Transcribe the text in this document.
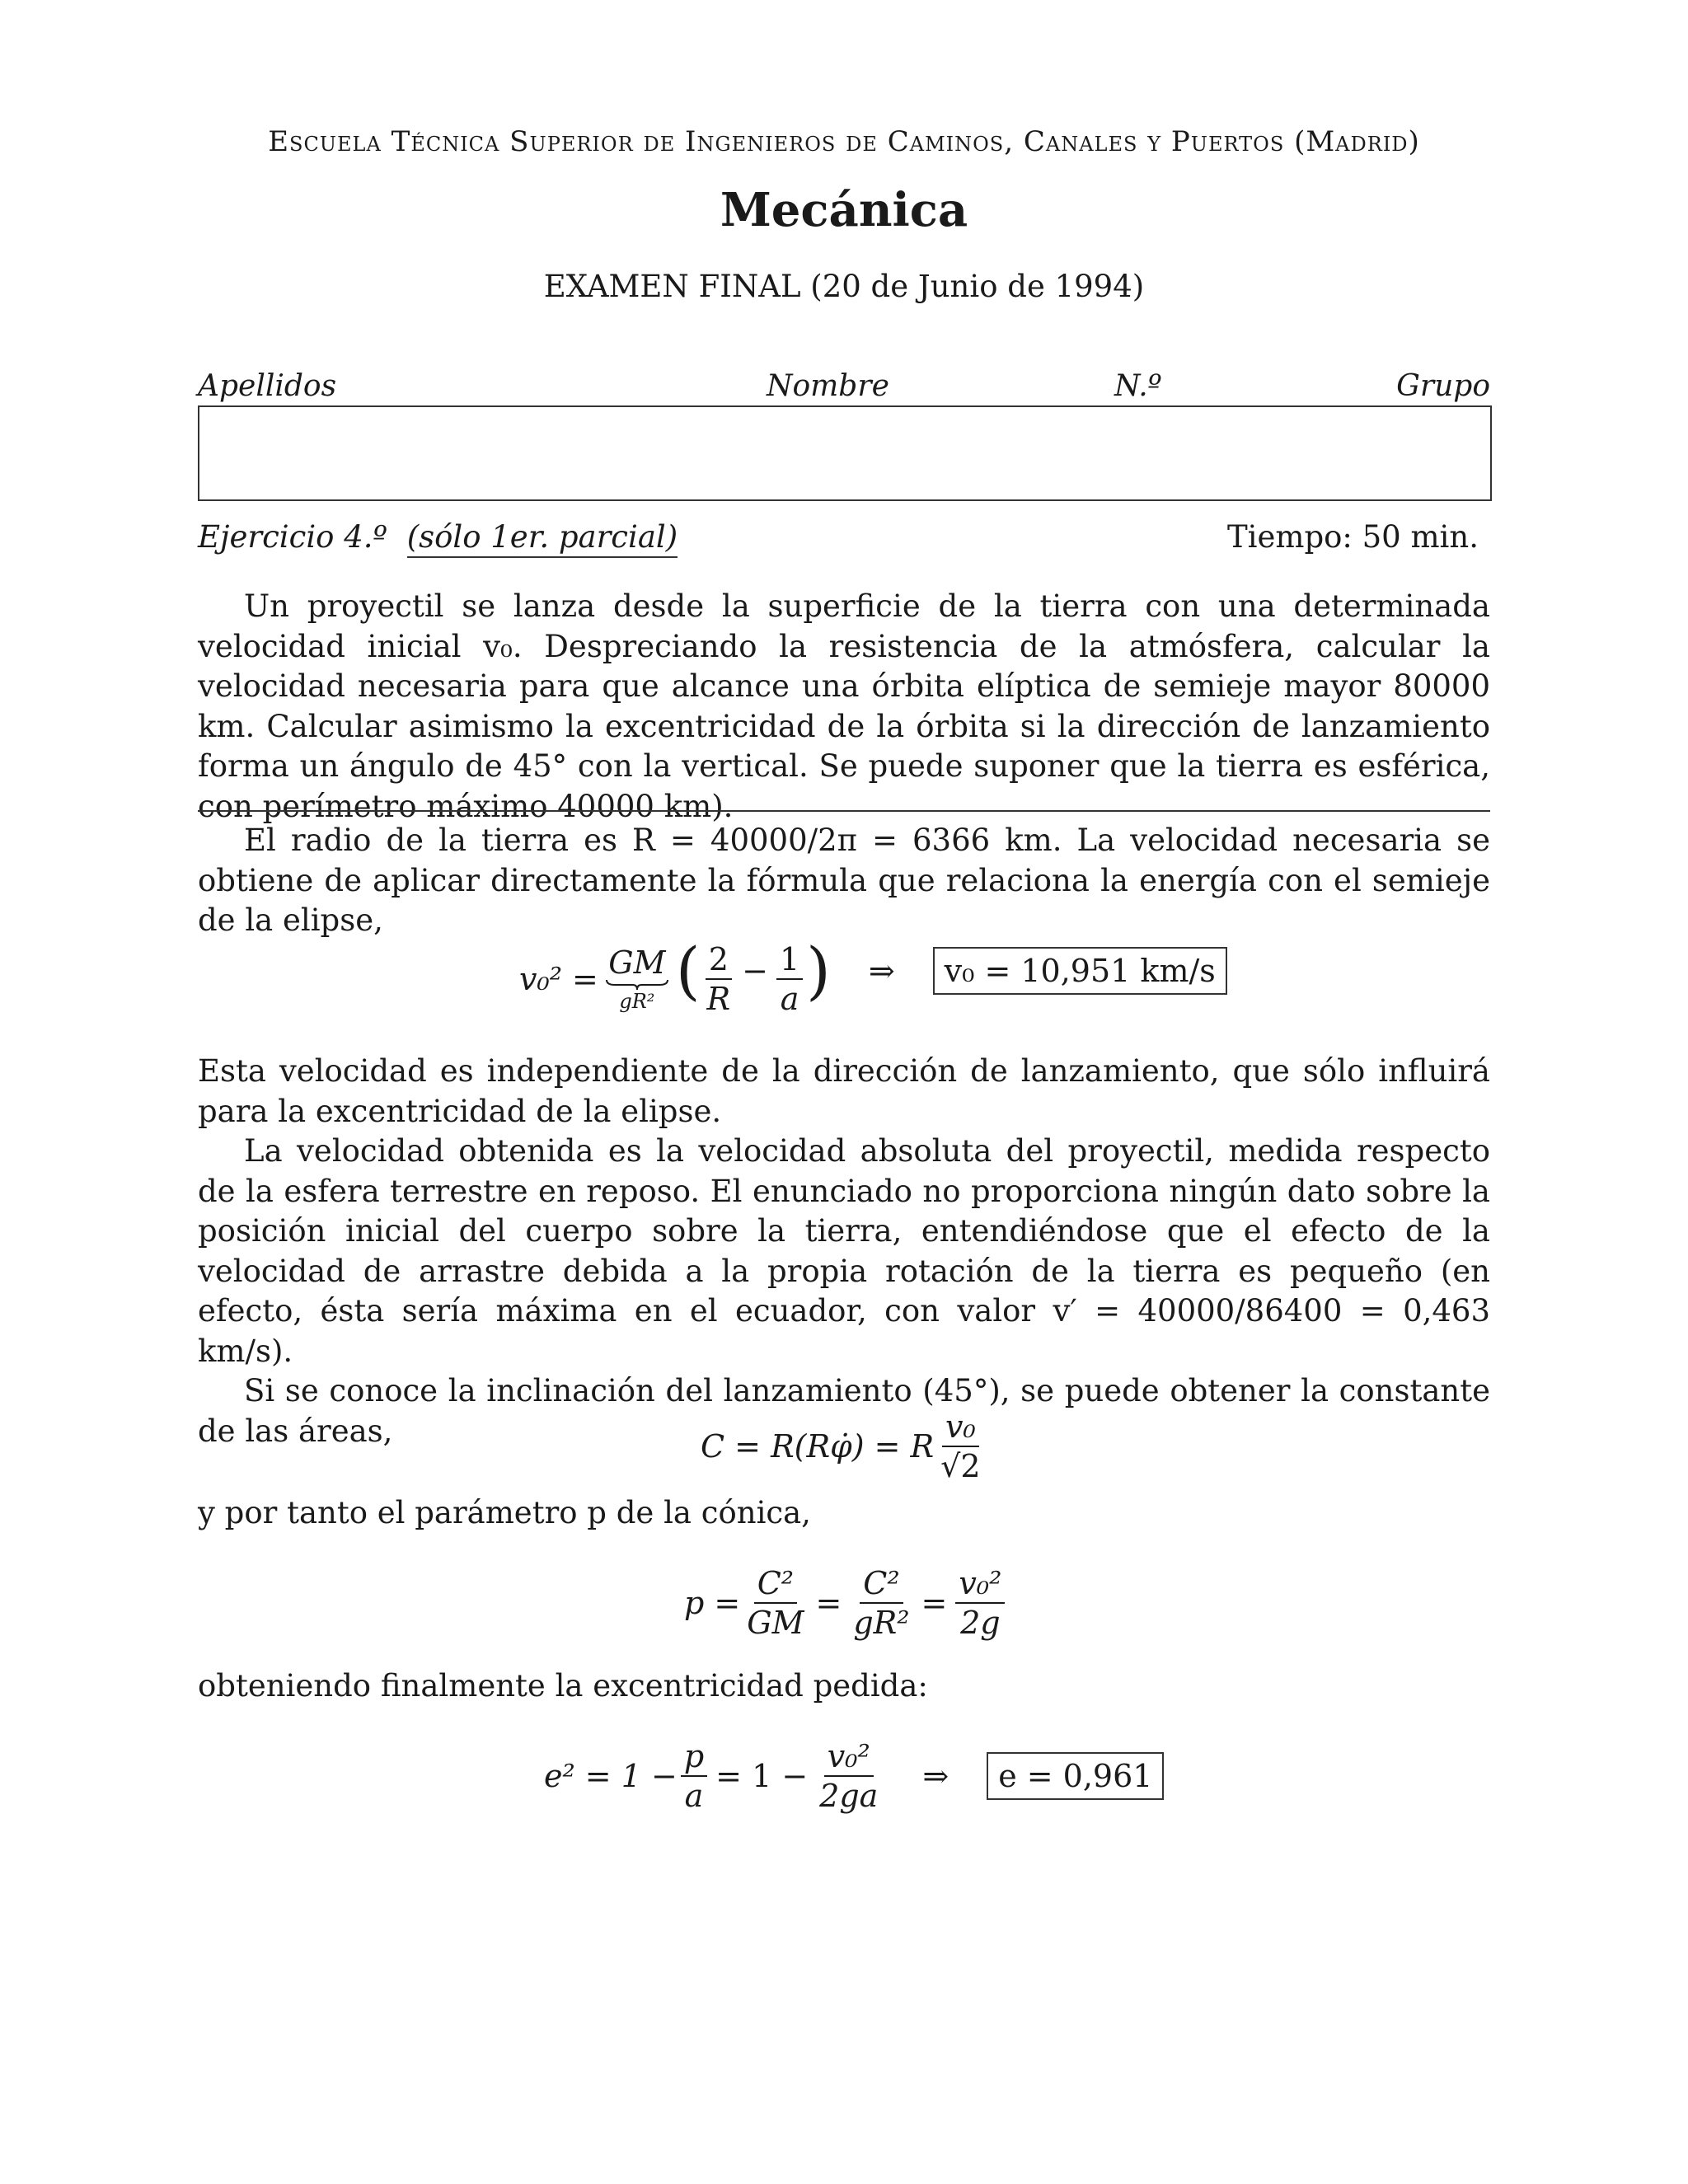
Escuela Técnica Superior de Ingenieros de Caminos, Canales y Puertos (Madrid)
Mecánica
EXAMEN FINAL (20 de Junio de 1994)
Apellidos	Nombre	N.º	Grupo
Ejercicio 4.º (sólo 1er. parcial)	Tiempo: 50 min.

Un proyectil se lanza desde la superficie de la tierra con una determinada velocidad inicial v₀. Despreciando la resistencia de la atmósfera, calcular la velocidad necesaria para que alcance una órbita elíptica de semieje mayor 80000 km. Calcular asimismo la excentricidad de la órbita si la dirección de lanzamiento forma un ángulo de 45° con la vertical. Se puede suponer que la tierra es esférica, con perímetro máximo 40000 km).

El radio de la tierra es R = 40000/2π = 6366 km. La velocidad necesaria se obtiene de aplicar directamente la fórmula que relaciona la energía con el semieje de la elipse,

v₀² = GM
gR² ( $\frac{2}{R} - \frac{1}{a}$ ) ⇒	v₀ = 10,951 km/s

Esta velocidad es independiente de la dirección de lanzamiento, que sólo influirá para la excentricidad de la elipse.

La velocidad obtenida es la velocidad absoluta del proyectil, medida respecto de la esfera terrestre en reposo. El enunciado no proporciona ningún dato sobre la posición inicial del cuerpo sobre la tierra, entendiéndose que el efecto de la velocidad de arrastre debida a la propia rotación de la tierra es pequeño (en efecto, ésta sería máxima en el ecuador, con valor v′ = 40000/86400 = 0,463 km/s).

Si se conoce la inclinación del lanzamiento (45°), se puede obtener la constante de las áreas,	C = R(Rφ̇) = R $\frac{\text{v₀}}{√2}$

y por tanto el parámetro p de la cónica,

$p = \frac{\text{C²}}{GM} = \frac{\text{C²}}{\text{gR²}} = \frac{\text{v₀²}}{2g}$

obteniendo finalmente la excentricidad pedida:

$e^2 = 1 - \frac{p}{a} = 1 - \frac{\text{v₀²}}{2ga}$ ⇒	e = 0,961
